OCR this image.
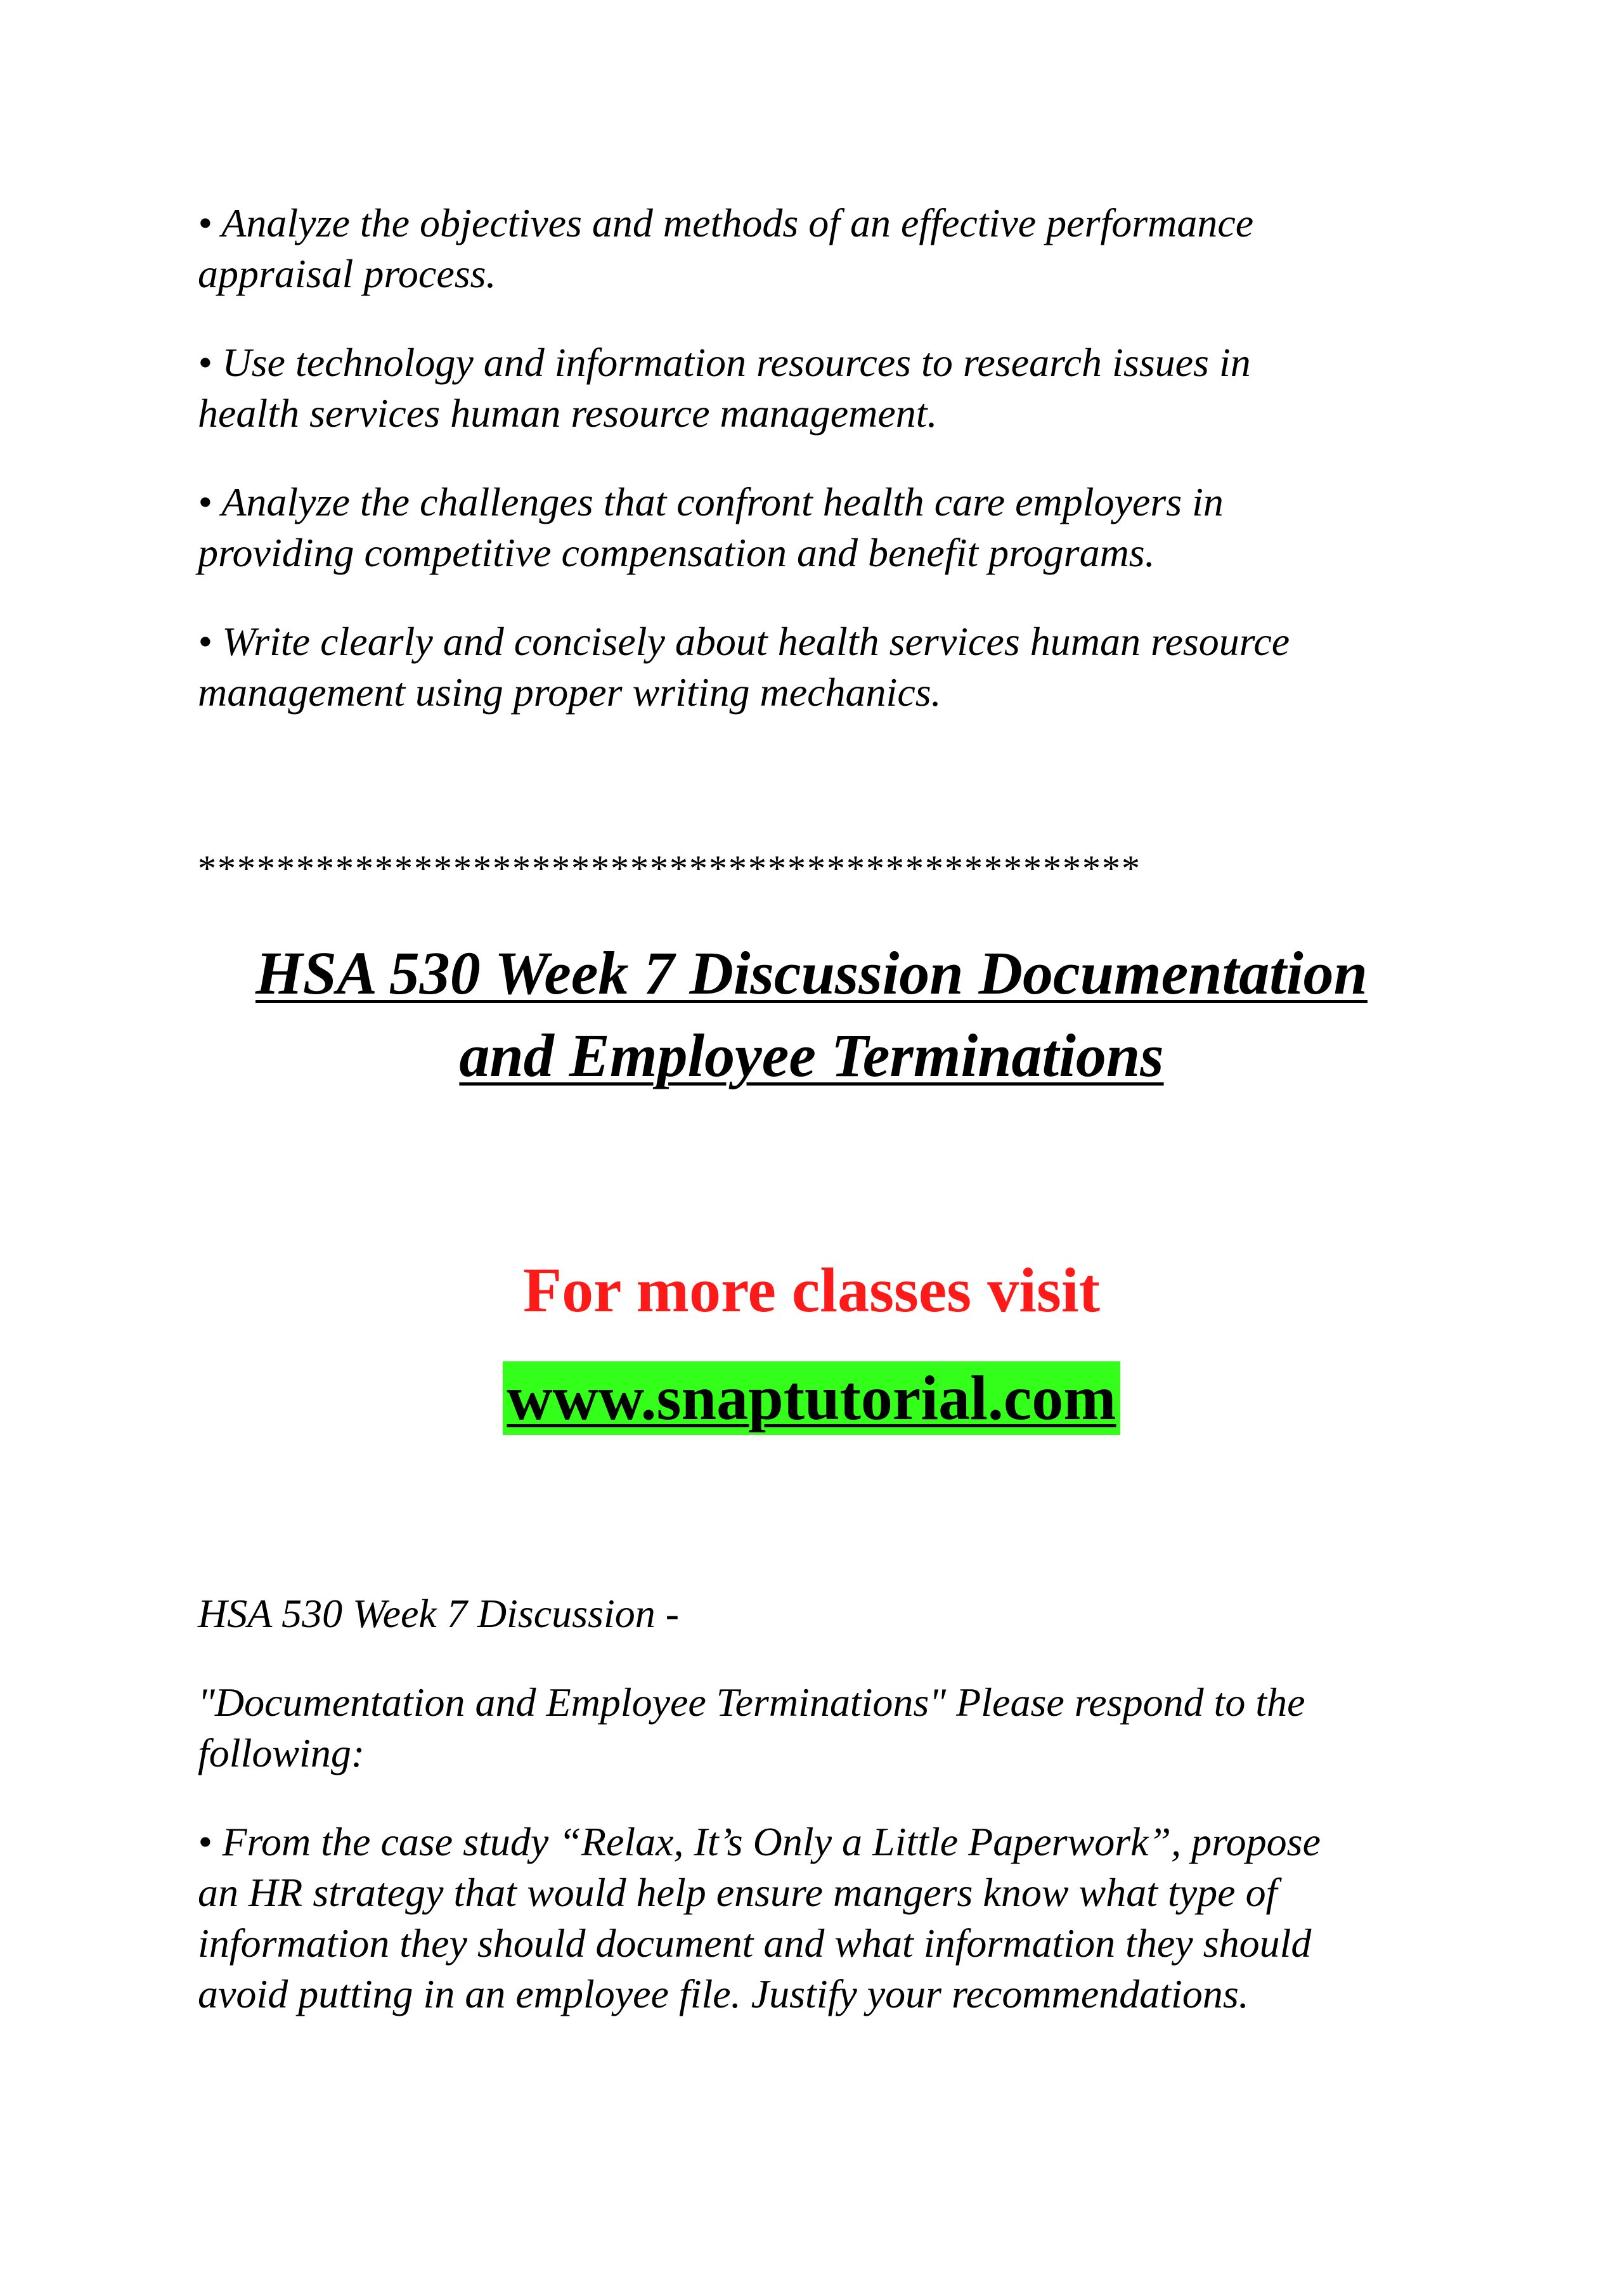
• Analyze the objectives and methods of an effective performance
appraisal process.

• Use technology and information resources to research issues in
health services human resource management.

• Analyze the challenges that confront health care employers in
providing competitive compensation and benefit programs.

• Write clearly and concisely about health services human resource
management using proper writing mechanics.

************************************************

HSA 530 Week 7 Discussion Documentation

and Employee Terminations

For more classes visit

www.snaptutorial.com

HSA 530 Week 7 Discussion -

"Documentation and Employee Terminations" Please respond to the
following:

• From the case study “Relax, It’s Only a Little Paperwork”, propose
an HR strategy that would help ensure mangers know what type of
information they should document and what information they should
avoid putting in an employee file. Justify your recommendations.
